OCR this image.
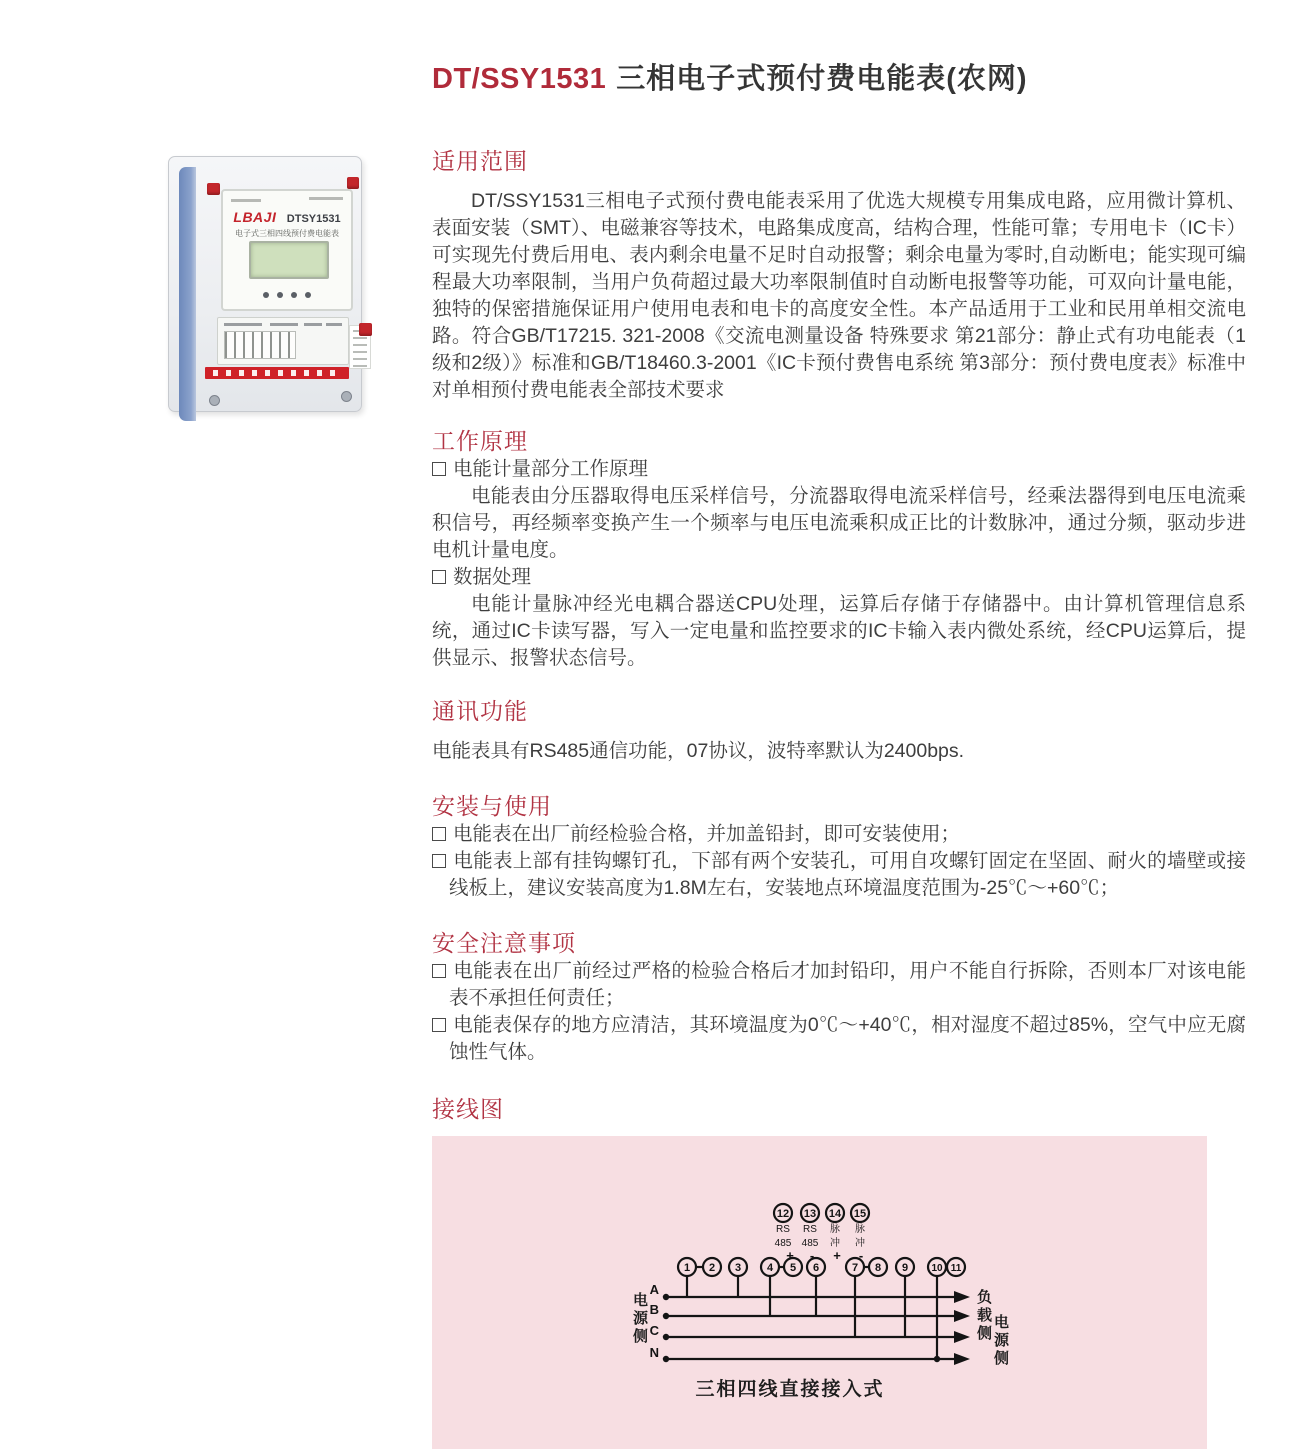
DT/SSY1531 三相电子式预付费电能表(农网)
LBAJI DTSY1531
电子式三相四线预付费电能表
适用范围

DT/SSY1531三相电子式预付费电能表采用了优选大规模专用集成电路，应用微计算机、表面安装（SMT）、电磁兼容等技术，电路集成度高，结构合理，性能可靠；专用电卡（IC卡）可实现先付费后用电、表内剩余电量不足时自动报警；剩余电量为零时,自动断电；能实现可编程最大功率限制，当用户负荷超过最大功率限制值时自动断电报警等功能，可双向计量电能，独特的保密措施保证用户使用电表和电卡的高度安全性。本产品适用于工业和民用单相交流电路。符合GB/T17215. 321-2008《交流电测量设备 特殊要求 第21部分：静止式有功电能表（1级和2级）》标准和GB/T18460.3-2001《IC卡预付费售电系统 第3部分：预付费电度表》标准中对单相预付费电能表全部技术要求

工作原理

电能计量部分工作原理

电能表由分压器取得电压采样信号，分流器取得电流采样信号，经乘法器得到电压电流乘积信号，再经频率变换产生一个频率与电压电流乘积成正比的计数脉冲，通过分频，驱动步进电机计量电度。

数据处理

电能计量脉冲经光电耦合器送CPU处理，运算后存储于存储器中。由计算机管理信息系统，通过IC卡读写器，写入一定电量和监控要求的IC卡输入表内微处系统，经CPU运算后，提供显示、报警状态信号。

通讯功能

电能表具有RS485通信功能，07协议，波特率默认为2400bps.

安装与使用

电能表在出厂前经检验合格，并加盖铅封，即可安装使用；

电能表上部有挂钩螺钉孔，下部有两个安装孔，可用自攻螺钉固定在坚固、耐火的墙壁或接线板上，建议安装高度为1.8M左右，安装地点环境温度范围为-25℃～+60℃；

安全注意事项

电能表在出厂前经过严格的检验合格后才加封铅印，用户不能自行拆除，否则本厂对该电能表不承担任何责任；

电能表保存的地方应清洁，其环境温度为0℃～+40℃，相对湿度不超过85%，空气中应无腐蚀性气体。

接线图
12 13 14 15
RS
485
RS
485
脉
冲
脉
冲
+ - + -
1 2 3 4 5 6	7 8 9 10 11
A
B
C
N
电源侧	负载侧 电源侧
三相四线直接接入式
